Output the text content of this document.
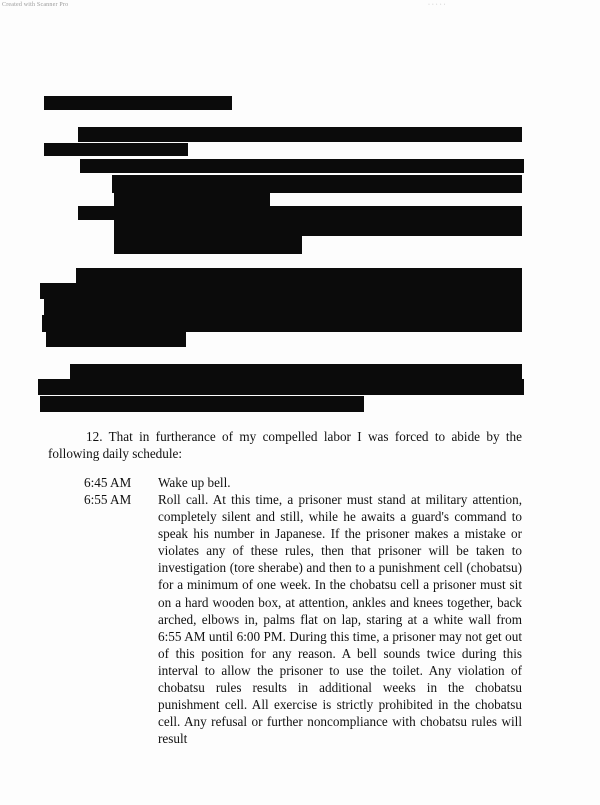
Created with Scanner Pro	· · · · ·

12. That in furtherance of my compelled labor I was forced to abide by the following daily schedule:

6:45 AM	Wake up bell.

6:55 AM	Roll call. At this time, a prisoner must stand at military attention, completely silent and still, while he awaits a guard's command to speak his number in Japanese. If the prisoner makes a mistake or violates any of these rules, then that prisoner will be taken to investigation (tore sherabe) and then to a punishment cell (chobatsu) for a minimum of one week. In the chobatsu cell a prisoner must sit on a hard wooden box, at attention, ankles and knees together, back arched, elbows in, palms flat on lap, staring at a white wall from 6:55 AM until 6:00 PM. During this time, a prisoner may not get out of this position for any reason. A bell sounds twice during this interval to allow the prisoner to use the toilet. Any violation of chobatsu rules results in additional weeks in the chobatsu punishment cell. All exercise is strictly prohibited in the chobatsu cell. Any refusal or further noncompliance with chobatsu rules will result
